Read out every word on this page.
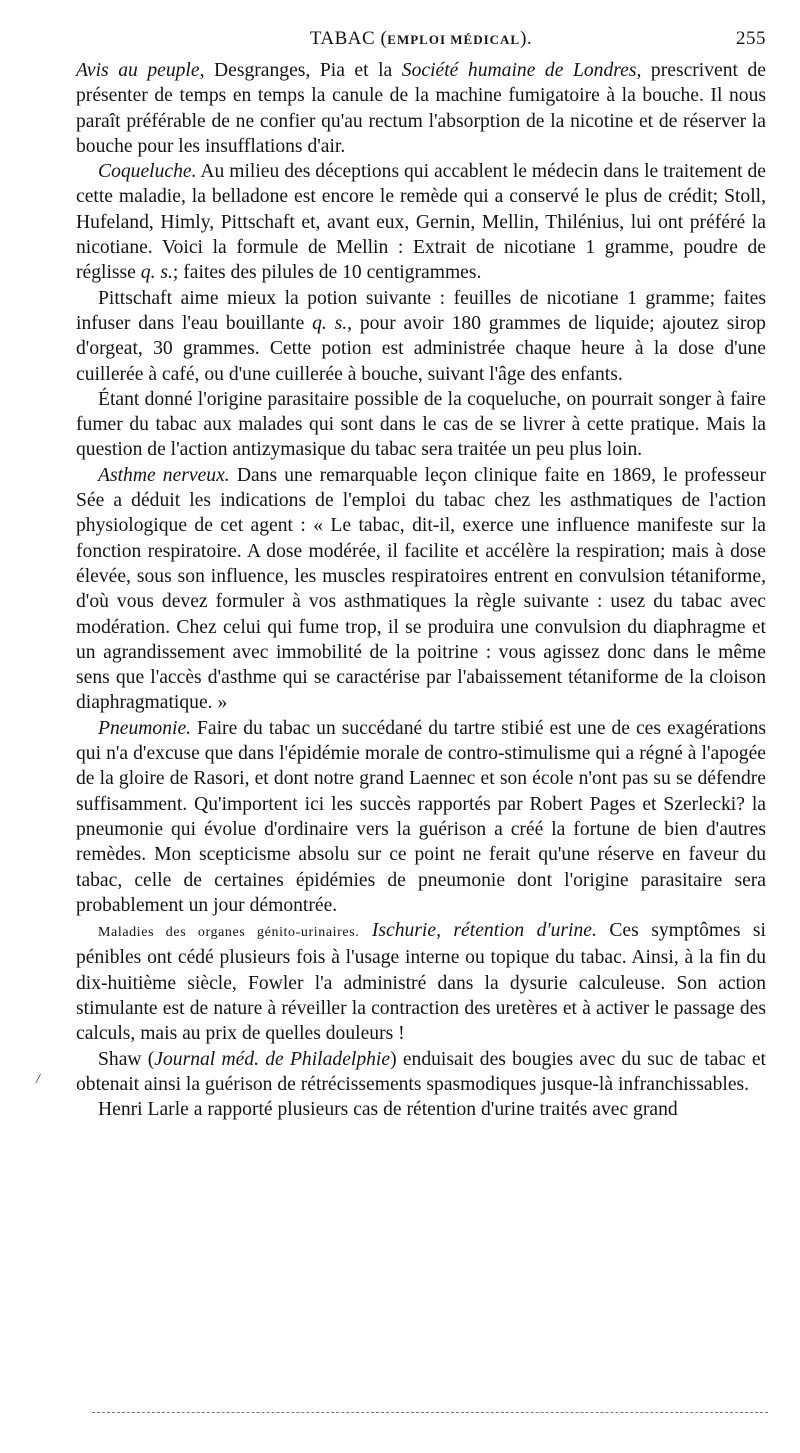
TABAC (EMPLOI MÉDICAL).	255
/

Avis au peuple, Desgranges, Pia et la Société humaine de Londres, prescrivent de présenter de temps en temps la canule de la machine fumigatoire à la bouche. Il nous paraît préférable de ne confier qu'au rectum l'absorption de la nicotine et de réserver la bouche pour les insufflations d'air.

Coqueluche. Au milieu des déceptions qui accablent le médecin dans le traitement de cette maladie, la belladone est encore le remède qui a conservé le plus de crédit; Stoll, Hufeland, Himly, Pittschaft et, avant eux, Gernin, Mellin, Thilénius, lui ont préféré la nicotiane. Voici la formule de Mellin : Extrait de nicotiane 1 gramme, poudre de réglisse q. s.; faites des pilules de 10 centigrammes.

Pittschaft aime mieux la potion suivante : feuilles de nicotiane 1 gramme; faites infuser dans l'eau bouillante q. s., pour avoir 180 grammes de liquide; ajoutez sirop d'orgeat, 30 grammes. Cette potion est administrée chaque heure à la dose d'une cuillerée à café, ou d'une cuillerée à bouche, suivant l'âge des enfants.

Étant donné l'origine parasitaire possible de la coqueluche, on pourrait songer à faire fumer du tabac aux malades qui sont dans le cas de se livrer à cette pratique. Mais la question de l'action antizymasique du tabac sera traitée un peu plus loin.

Asthme nerveux. Dans une remarquable leçon clinique faite en 1869, le professeur Sée a déduit les indications de l'emploi du tabac chez les asthmatiques de l'action physiologique de cet agent : « Le tabac, dit-il, exerce une influence manifeste sur la fonction respiratoire. A dose modérée, il facilite et accélère la respiration; mais à dose élevée, sous son influence, les muscles respiratoires entrent en convulsion tétaniforme, d'où vous devez formuler à vos asthmatiques la règle suivante : usez du tabac avec modération. Chez celui qui fume trop, il se produira une convulsion du diaphragme et un agrandissement avec immobilité de la poitrine : vous agissez donc dans le même sens que l'accès d'asthme qui se caractérise par l'abaissement tétaniforme de la cloison diaphragmatique. »

Pneumonie. Faire du tabac un succédané du tartre stibié est une de ces exagérations qui n'a d'excuse que dans l'épidémie morale de contro-stimulisme qui a régné à l'apogée de la gloire de Rasori, et dont notre grand Laennec et son école n'ont pas su se défendre suffisamment. Qu'importent ici les succès rapportés par Robert Pages et Szerlecki? la pneumonie qui évolue d'ordinaire vers la guérison a créé la fortune de bien d'autres remèdes. Mon scepticisme absolu sur ce point ne ferait qu'une réserve en faveur du tabac, celle de certaines épidémies de pneumonie dont l'origine parasitaire sera probablement un jour démontrée.

Maladies des organes génito-urinaires. Ischurie, rétention d'urine. Ces symptômes si pénibles ont cédé plusieurs fois à l'usage interne ou topique du tabac. Ainsi, à la fin du dix-huitième siècle, Fowler l'a administré dans la dysurie calculeuse. Son action stimulante est de nature à réveiller la contraction des uretères et à activer le passage des calculs, mais au prix de quelles douleurs !

Shaw (Journal méd. de Philadelphie) enduisait des bougies avec du suc de tabac et obtenait ainsi la guérison de rétrécissements spasmodiques jusque-là infranchissables.

Henri Larle a rapporté plusieurs cas de rétention d'urine traités avec grand
